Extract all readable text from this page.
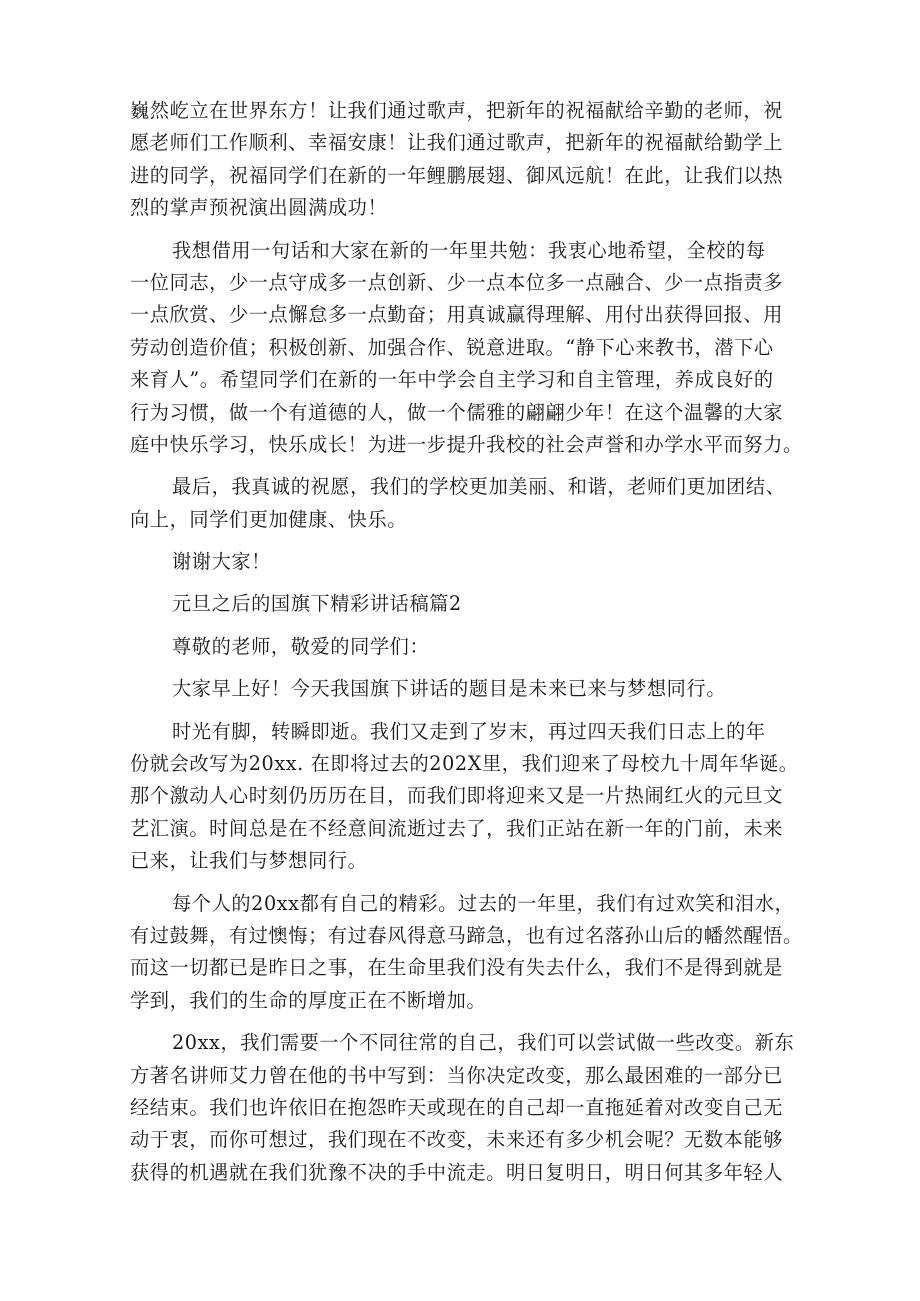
巍然屹立在世界东方！让我们通过歌声，把新年的祝福献给辛勤的老师，祝
愿老师们工作顺利、幸福安康！让我们通过歌声，把新年的祝福献给勤学上
进的同学，祝福同学们在新的一年鲤鹏展翅、御风远航！在此，让我们以热
烈的掌声预祝演出圆满成功！
我想借用一句话和大家在新的一年里共勉：我衷心地希望，全校的每
一位同志，少一点守成多一点创新、少一点本位多一点融合、少一点指责多
一点欣赏、少一点懈怠多一点勤奋；用真诚赢得理解、用付出获得回报、用
劳动创造价值；积极创新、加强合作、锐意进取。“静下心来教书，潜下心
来育人”。希望同学们在新的一年中学会自主学习和自主管理，养成良好的
行为习惯，做一个有道德的人，做一个儒雅的翩翩少年！在这个温馨的大家
庭中快乐学习，快乐成长！为进一步提升我校的社会声誉和办学水平而努力。
最后，我真诚的祝愿，我们的学校更加美丽、和谐，老师们更加团结、
向上，同学们更加健康、快乐。
谢谢大家！
元旦之后的国旗下精彩讲话稿篇2
尊敬的老师，敬爱的同学们：
大家早上好！今天我国旗下讲话的题目是未来已来与梦想同行。
时光有脚，转瞬即逝。我们又走到了岁末，再过四天我们日志上的年
份就会改写为20xx. 在即将过去的202X里，我们迎来了母校九十周年华诞。
那个激动人心时刻仍历历在目，而我们即将迎来又是一片热闹红火的元旦文
艺汇演。时间总是在不经意间流逝过去了，我们正站在新一年的门前，未来
已来，让我们与梦想同行。
每个人的20xx都有自己的精彩。过去的一年里，我们有过欢笑和泪水，
有过鼓舞，有过懊悔；有过春风得意马蹄急，也有过名落孙山后的幡然醒悟。
而这一切都已是昨日之事，在生命里我们没有失去什么，我们不是得到就是
学到，我们的生命的厚度正在不断增加。
20xx，我们需要一个不同往常的自己，我们可以尝试做一些改变。新东
方著名讲师艾力曾在他的书中写到：当你决定改变，那么最困难的一部分已
经结束。我们也许依旧在抱怨昨天或现在的自己却一直拖延着对改变自己无
动于衷，而你可想过，我们现在不改变，未来还有多少机会呢？无数本能够
获得的机遇就在我们犹豫不决的手中流走。明日复明日，明日何其多年轻人
